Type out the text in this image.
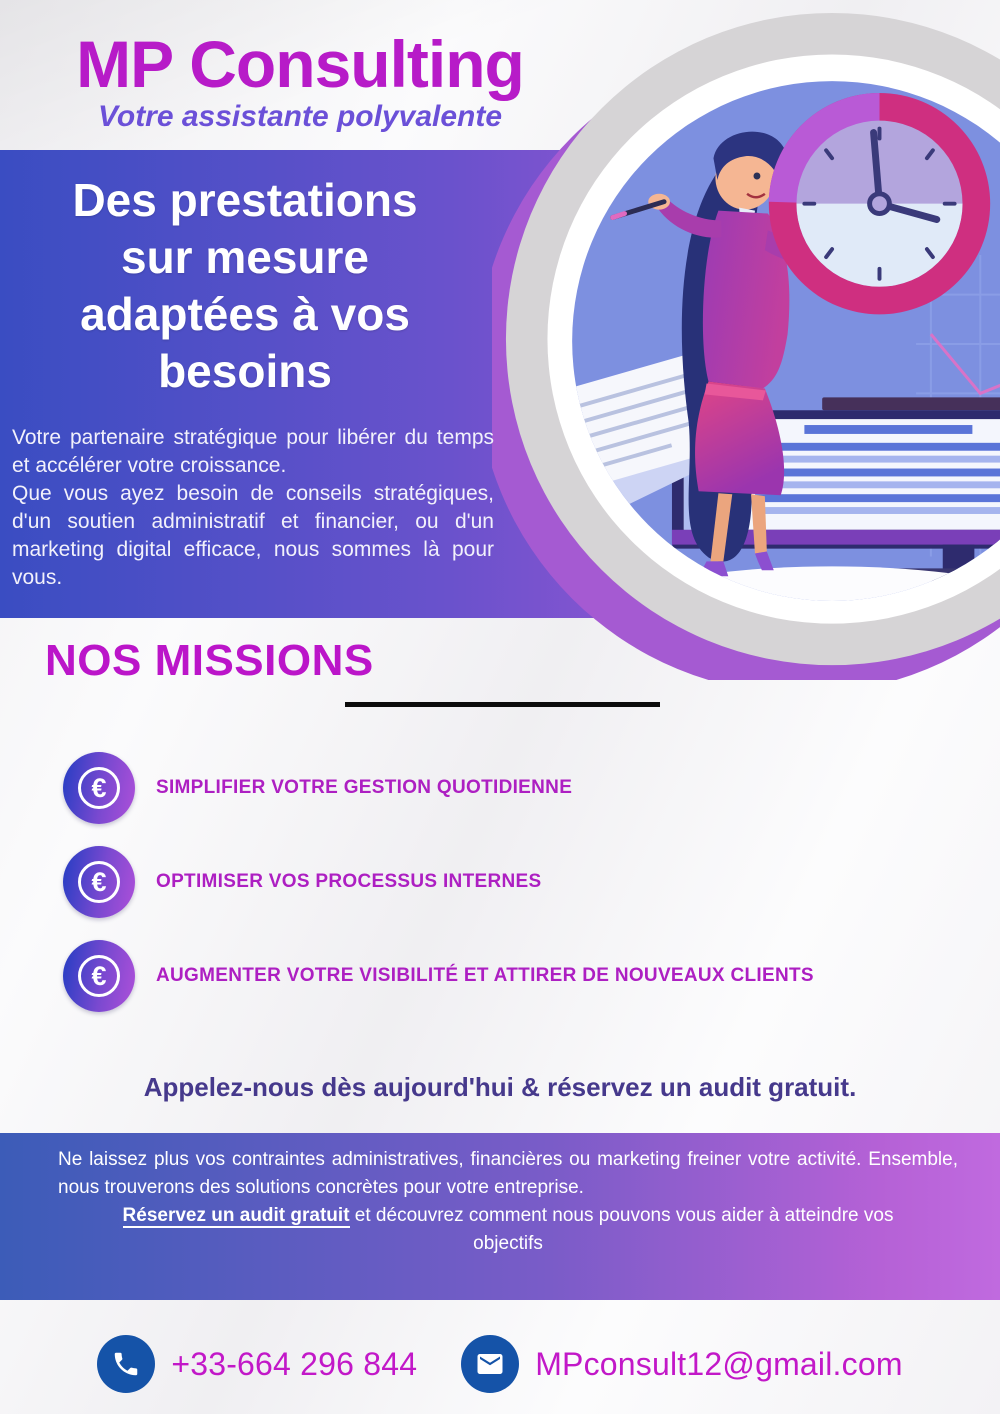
MP Consulting
Votre assistante polyvalente
Des prestations
sur mesure
adaptées à vos
besoins

Votre partenaire stratégique pour libérer du temps et accélérer votre croissance.

Que vous ayez besoin de conseils stratégiques, d'un soutien administratif et financier, ou d'un marketing digital efficace, nous sommes là pour vous.

NOS MISSIONS
€	SIMPLIFIER VOTRE GESTION QUOTIDIENNE
€	OPTIMISER VOS PROCESSUS INTERNES
€	AUGMENTER VOTRE VISIBILITÉ ET ATTIRER DE NOUVEAUX CLIENTS
Appelez-nous dès aujourd'hui & réservez un audit gratuit.

Ne laissez plus vos contraintes administratives, financières ou marketing freiner votre activité. Ensemble, nous trouverons des solutions concrètes pour votre entreprise.

Réservez un audit gratuit et découvrez comment nous pouvons vous aider à atteindre vos objectifs

+33-664 296 844	MPconsult12@gmail.com
